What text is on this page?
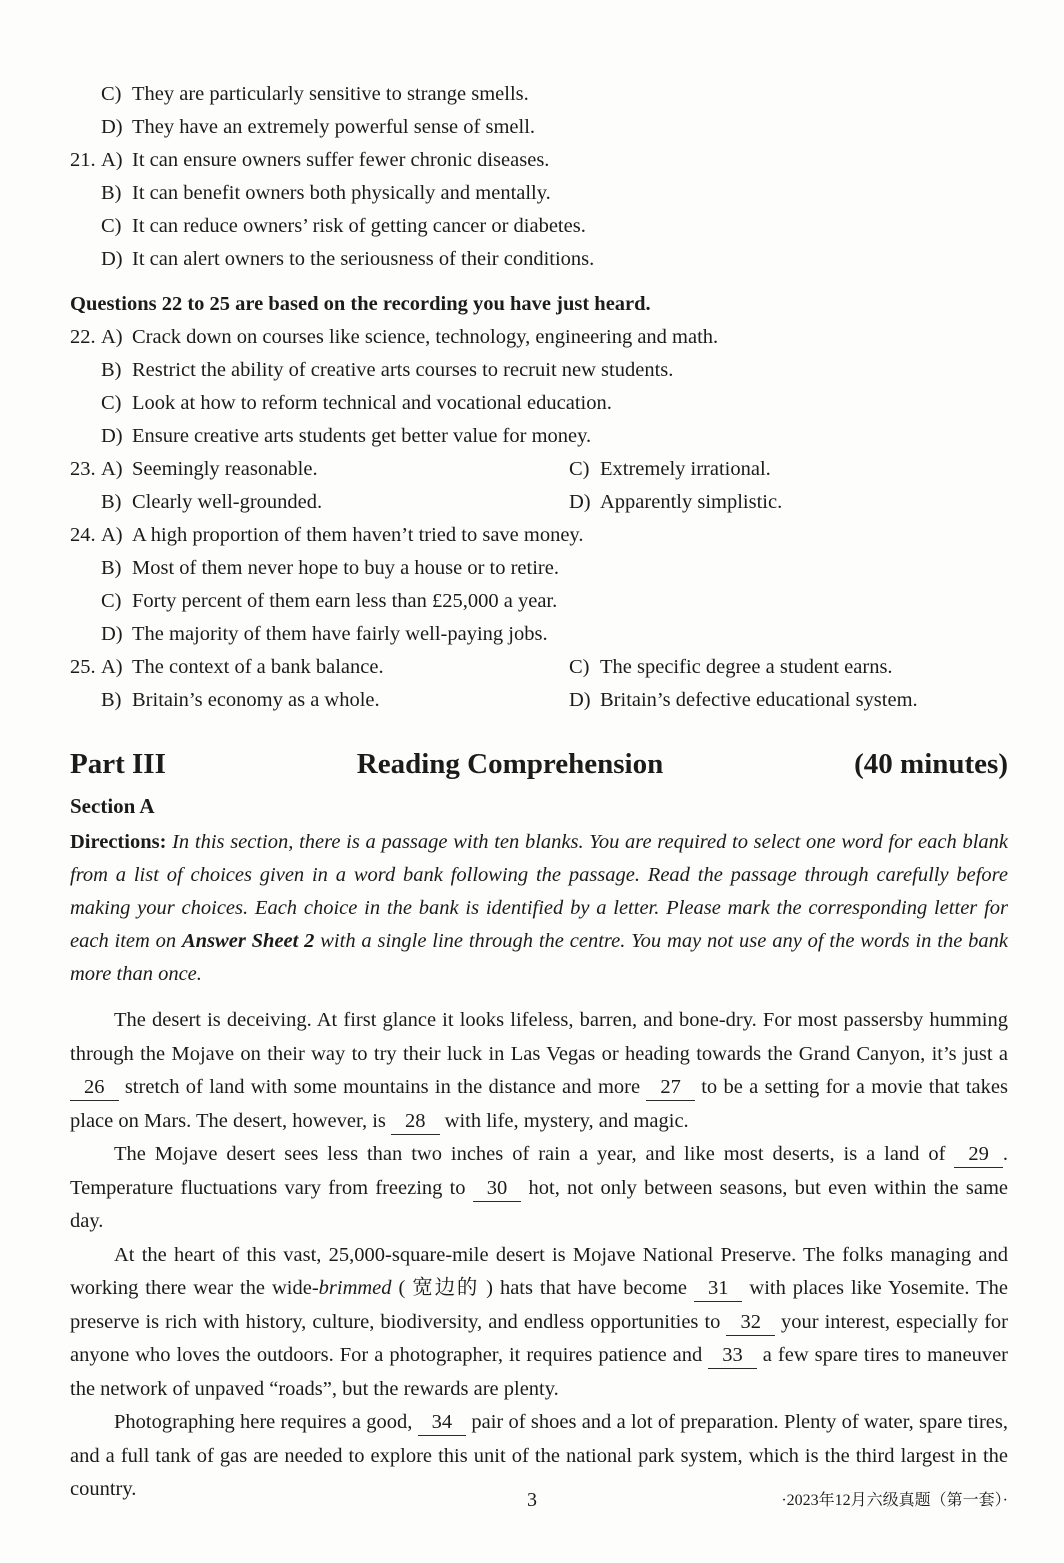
C) They are particularly sensitive to strange smells.
D) They have an extremely powerful sense of smell.
21. A) It can ensure owners suffer fewer chronic diseases.
B) It can benefit owners both physically and mentally.
C) It can reduce owners’ risk of getting cancer or diabetes.
D) It can alert owners to the seriousness of their conditions.
Questions 22 to 25 are based on the recording you have just heard.
22. A) Crack down on courses like science, technology, engineering and math.
B) Restrict the ability of creative arts courses to recruit new students.
C) Look at how to reform technical and vocational education.
D) Ensure creative arts students get better value for money.
23. A) Seemingly reasonable.	C) Extremely irrational.
B) Clearly well-grounded.	D) Apparently simplistic.
24. A) A high proportion of them haven’t tried to save money.
B) Most of them never hope to buy a house or to retire.
C) Forty percent of them earn less than £25,000 a year.
D) The majority of them have fairly well-paying jobs.
25. A) The context of a bank balance.	C) The specific degree a student earns.
B) Britain’s economy as a whole.	D) Britain’s defective educational system.
Part III	Reading Comprehension	(40 minutes)
Section A
Directions: In this section, there is a passage with ten blanks. You are required to select one word for each blank from a list of choices given in a word bank following the passage. Read the passage through carefully before making your choices. Each choice in the bank is identified by a letter. Please mark the corresponding letter for each item on Answer Sheet 2 with a single line through the centre. You may not use any of the words in the bank more than once.

The desert is deceiving. At first glance it looks lifeless, barren, and bone-dry. For most passersby humming through the Mojave on their way to try their luck in Las Vegas or heading towards the Grand Canyon, it’s just a 26 stretch of land with some mountains in the distance and more 27 to be a setting for a movie that takes place on Mars. The desert, however, is 28 with life, mystery, and magic.

The Mojave desert sees less than two inches of rain a year, and like most deserts, is a land of 29 . Temperature fluctuations vary from freezing to 30 hot, not only between seasons, but even within the same day.

At the heart of this vast, 25,000-square-mile desert is Mojave National Preserve. The folks managing and working there wear the wide-brimmed ( 宽边的 ) hats that have become 31 with places like Yosemite. The preserve is rich with history, culture, biodiversity, and endless opportunities to 32 your interest, especially for anyone who loves the outdoors. For a photographer, it requires patience and 33 a few spare tires to maneuver the network of unpaved “roads”, but the rewards are plenty.

Photographing here requires a good, 34 pair of shoes and a lot of preparation. Plenty of water, spare tires, and a full tank of gas are needed to explore this unit of the national park system, which is the third largest in the country.	3	·2023年12月六级真题（第一套）·
